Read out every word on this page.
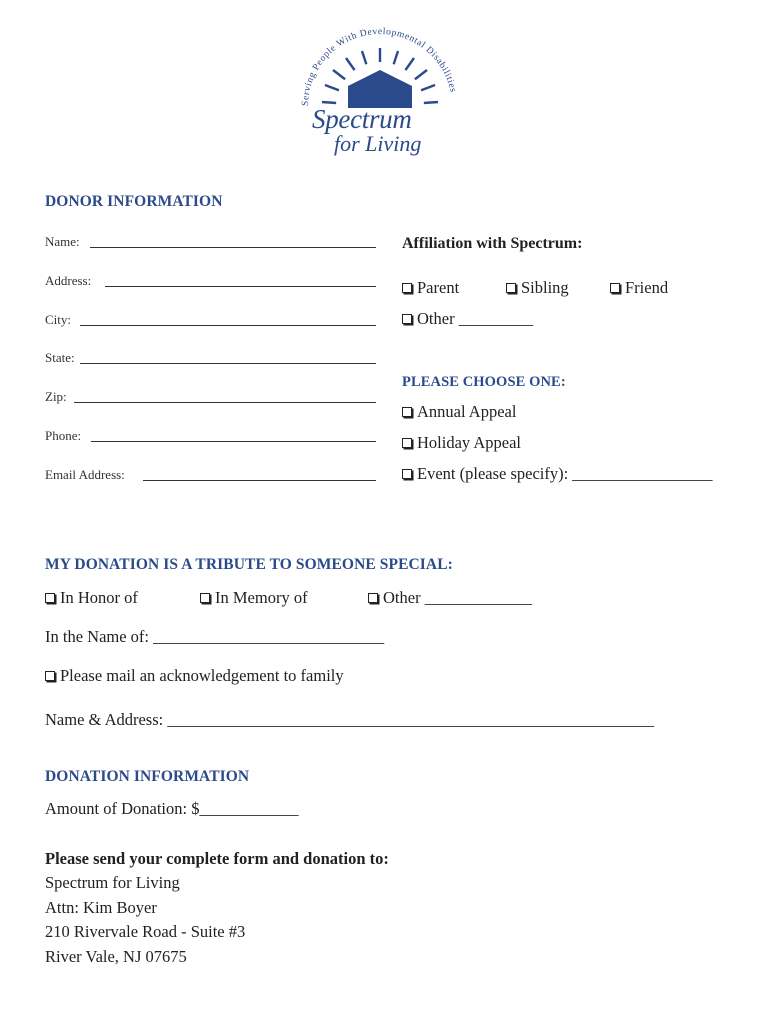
Serving People With Developmental Disabilities
Spectrum
for Living
DONOR INFORMATION
Name:
Address:
City:
State:
Zip:
Phone:
Email Address:
Affiliation with Spectrum:
Parent	Sibling	Friend
Other _________
PLEASE CHOOSE ONE:
Annual Appeal
Holiday Appeal
Event (please specify): _________________
MY DONATION IS A TRIBUTE TO SOMEONE SPECIAL:
In Honor of	In Memory of	Other _____________
In the Name of: ____________________________
Please mail an acknowledgement to family
Name & Address: ___________________________________________________________
DONATION INFORMATION
Amount of Donation: $____________
Please send your complete form and donation to:
Spectrum for Living
Attn: Kim Boyer
210 Rivervale Road - Suite #3
River Vale, NJ 07675
